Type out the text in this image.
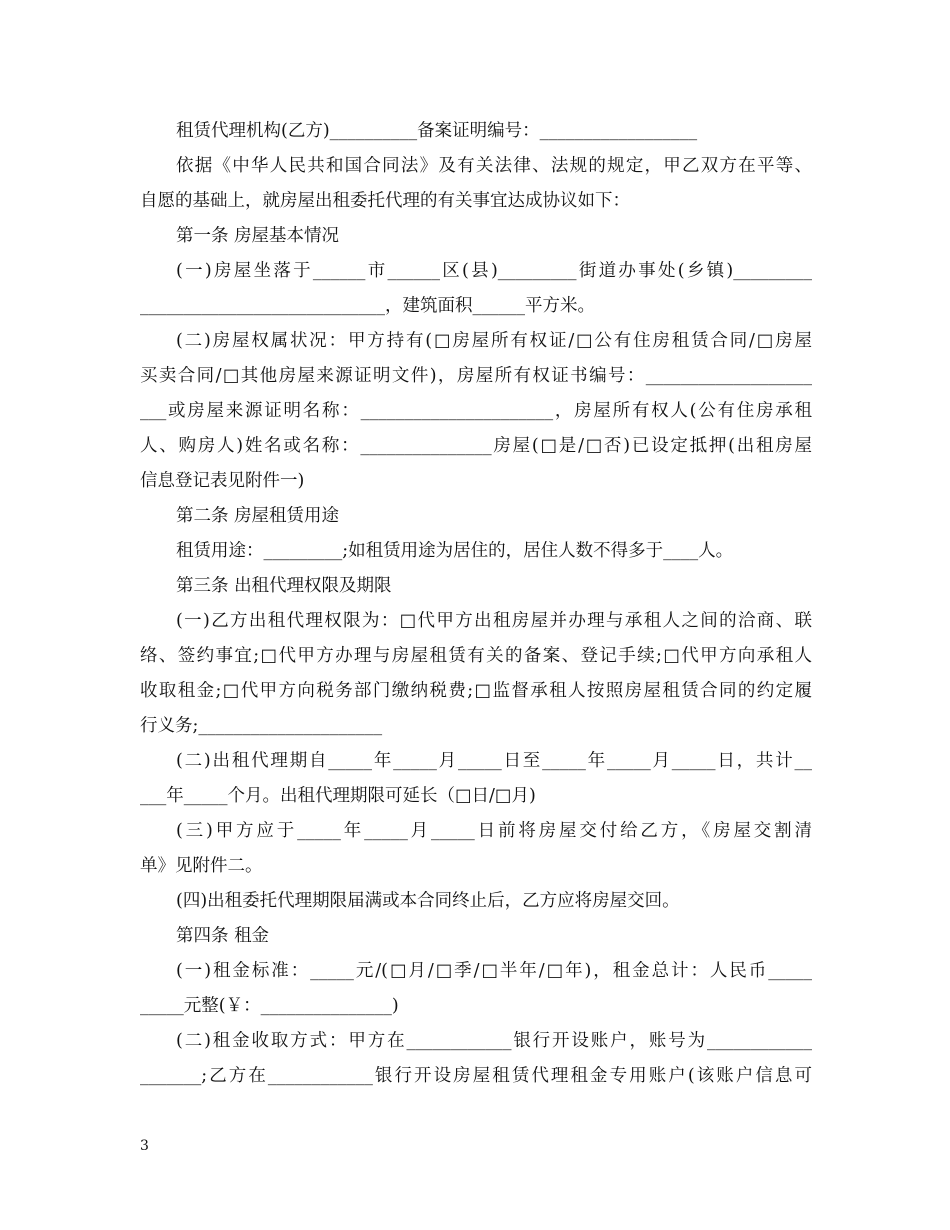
租赁代理机构(乙方)__________备案证明编号：__________________
依据《中华人民共和国合同法》及有关法律、法规的规定，甲乙双方在平等、
自愿的基础上，就房屋出租委托代理的有关事宜达成协议如下：
第一条 房屋基本情况
(一)房屋坐落于______市______区(县)_________街道办事处(乡镇)_________
____________________________，建筑面积______平方米。
(二)房屋权属状况：甲方持有(□房屋所有权证/□公有住房租赁合同/□房屋
买卖合同/□其他房屋来源证明文件)，房屋所有权证书编号：___________________
___或房屋来源证明名称：______________________，房屋所有权人(公有住房承租
人、购房人)姓名或名称：_______________房屋(□是/□否)已设定抵押(出租房屋
信息登记表见附件一)
第二条 房屋租赁用途
租赁用途：_________;如租赁用途为居住的，居住人数不得多于____人。
第三条 出租代理权限及期限
(一)乙方出租代理权限为：□代甲方出租房屋并办理与承租人之间的洽商、联
络、签约事宜;□代甲方办理与房屋租赁有关的备案、登记手续;□代甲方向承租人
收取租金;□代甲方向税务部门缴纳税费;□监督承租人按照房屋租赁合同的约定履
行义务;_____________________
(二)出租代理期自_____年_____月_____日至_____年_____月_____日，共计__
___年_____个月。出租代理期限可延长（□日/□月)
(三)甲方应于_____年_____月_____日前将房屋交付给乙方，《房屋交割清
单》见附件二。
(四)出租委托代理期限届满或本合同终止后，乙方应将房屋交回。
第四条 租金
(一)租金标准：_____元/(□月/□季/□半年/□年)，租金总计：人民币_____
_____元整(￥：_______________)
(二)租金收取方式：甲方在____________银行开设账户，账号为____________
_______;乙方在____________银行开设房屋租赁代理租金专用账户(该账户信息可
3
